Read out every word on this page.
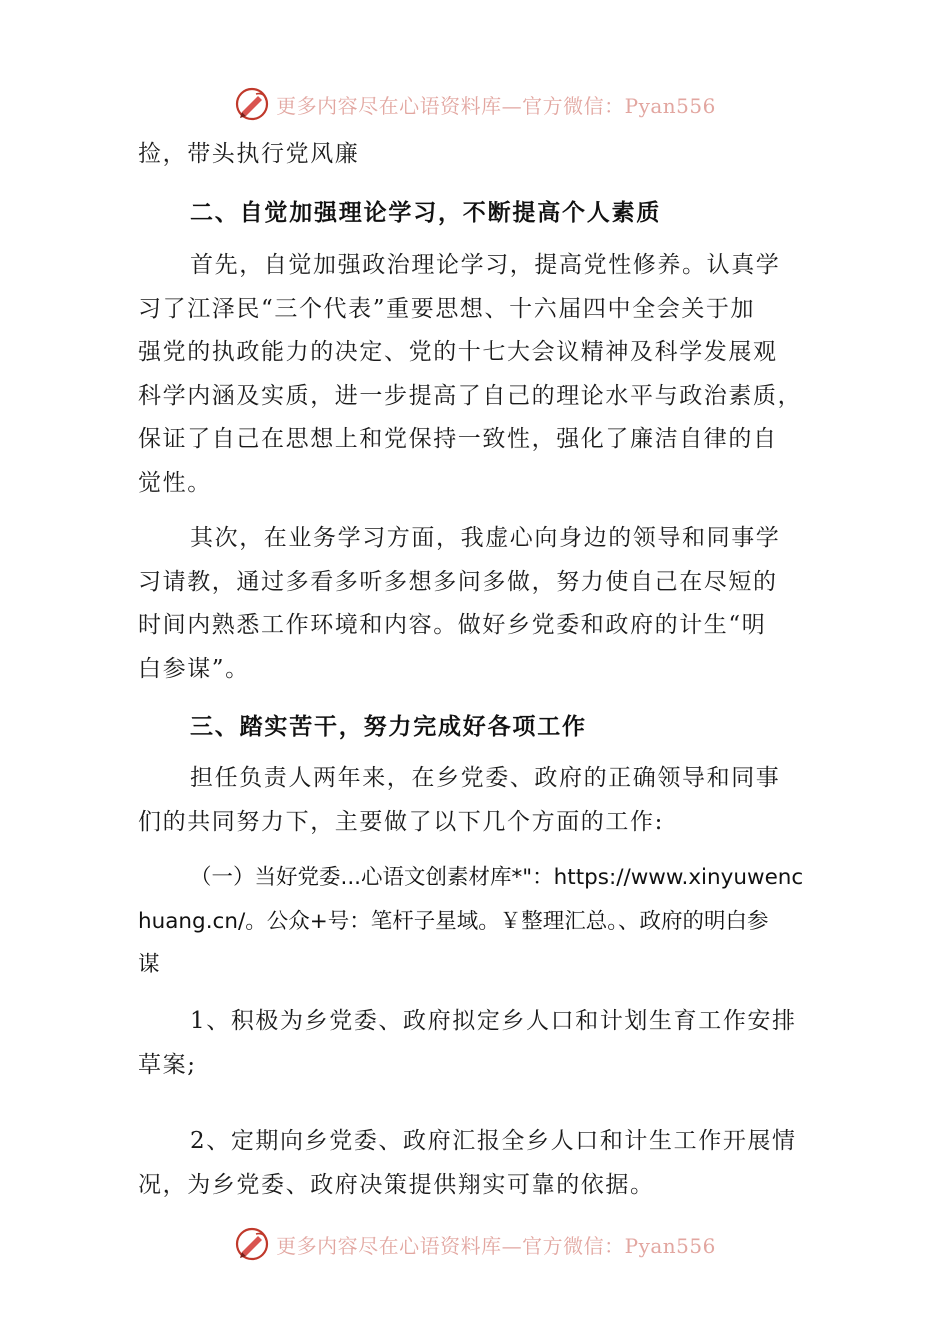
更多内容尽在心语资料库—官方微信：Pyan556
捡，带头执行党风廉
二、自觉加强理论学习，不断提高个人素质
首先，自觉加强政治理论学习，提高党性修养。认真学
习了江泽民“三个代表”重要思想、十六届四中全会关于加
强党的执政能力的决定、党的十七大会议精神及科学发展观
科学内涵及实质，进一步提高了自己的理论水平与政治素质，
保证了自己在思想上和党保持一致性，强化了廉洁自律的自
觉性。
其次，在业务学习方面，我虚心向身边的领导和同事学
习请教，通过多看多听多想多问多做，努力使自己在尽短的
时间内熟悉工作环境和内容。做好乡党委和政府的计生“明
白参谋”。
三、踏实苦干，努力完成好各项工作
担任负责人两年来，在乡党委、政府的正确领导和同事
们的共同努力下，主要做了以下几个方面的工作:
（一）当好党委...心语文创素材库*"：https://www.xinyuwenc
huang.cn/。公众+号：笔杆子星域。￥整理汇总。、政府的明白参
谋
1、积极为乡党委、政府拟定乡人口和计划生育工作安排
草案;
2、定期向乡党委、政府汇报全乡人口和计生工作开展情
况，为乡党委、政府决策提供翔实可靠的依据。
更多内容尽在心语资料库—官方微信：Pyan556
